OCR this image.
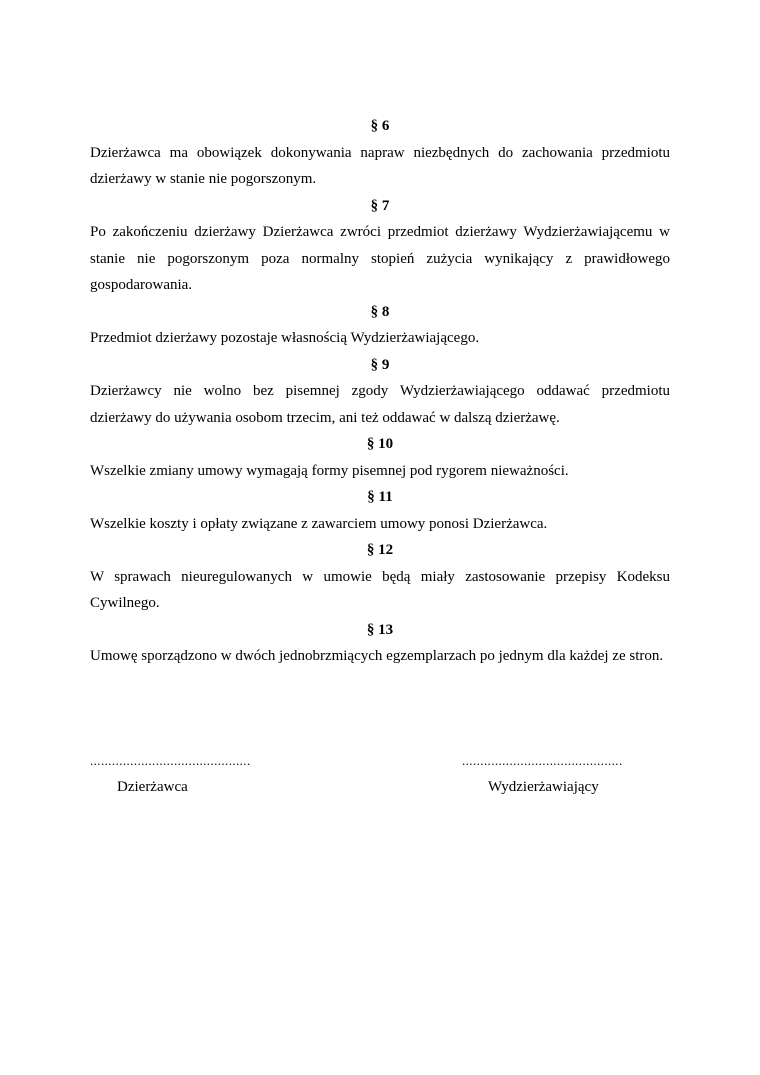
§ 6

Dzierżawca ma obowiązek dokonywania napraw niezbędnych do zachowania przedmiotu dzierżawy w stanie nie pogorszonym.

§ 7

Po zakończeniu dzierżawy Dzierżawca zwróci przedmiot dzierżawy Wydzierżawiającemu w stanie nie pogorszonym poza normalny stopień zużycia wynikający z prawidłowego gospodarowania.

§ 8

Przedmiot dzierżawy pozostaje własnością Wydzierżawiającego.

§ 9

Dzierżawcy nie wolno bez pisemnej zgody Wydzierżawiającego oddawać przedmiotu dzierżawy do używania osobom trzecim, ani też oddawać w dalszą dzierżawę.

§ 10

Wszelkie zmiany umowy wymagają formy pisemnej pod rygorem nieważności.

§ 11

Wszelkie koszty i opłaty związane z zawarciem umowy ponosi Dzierżawca.

§ 12

W sprawach nieuregulowanych w umowie będą miały zastosowanie przepisy Kodeksu Cywilnego.

§ 13

Umowę sporządzono w dwóch jednobrzmiących egzemplarzach po jednym dla każdej ze stron.

............................................
Dzierżawca
............................................
Wydzierżawiający
